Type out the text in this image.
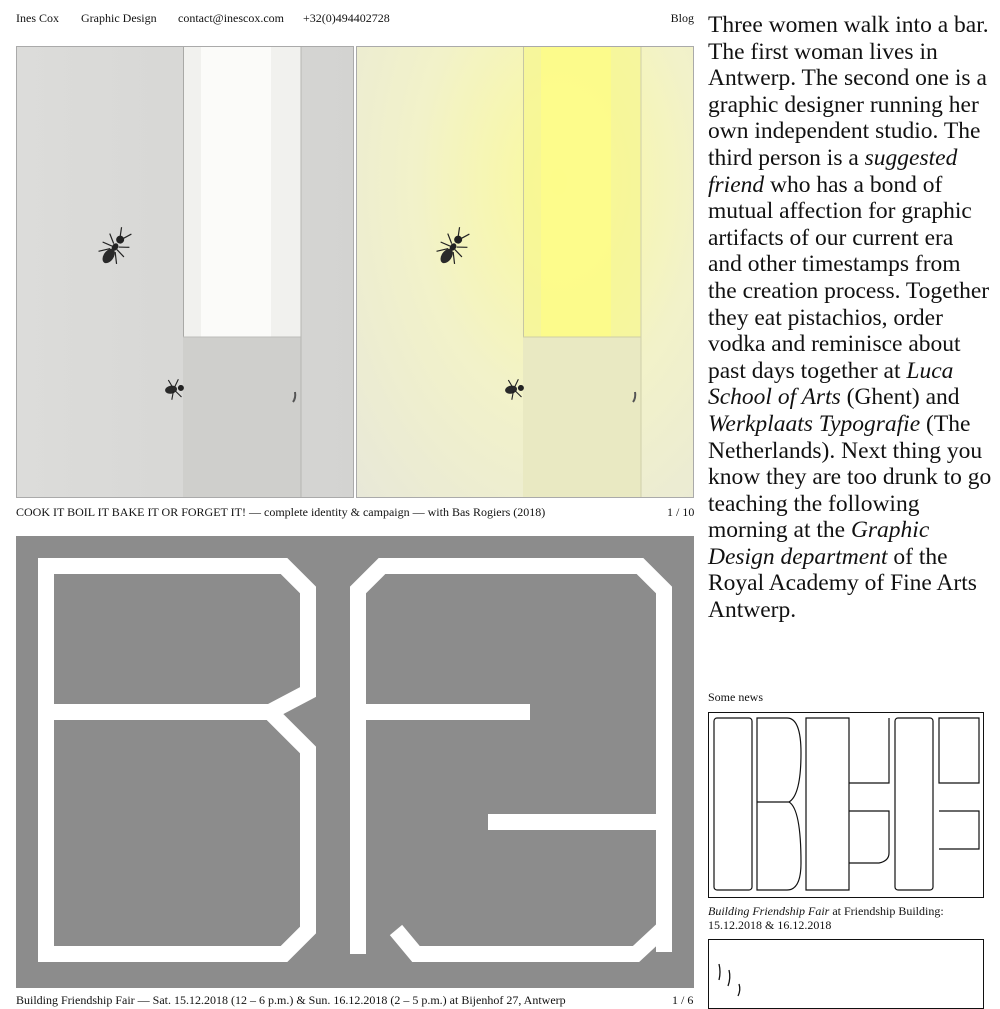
Ines Cox Graphic Design contact@inescox.com +32(0)494402728	Blog
COOK IT BOIL IT BAKE IT OR FORGET IT! — complete identity & campaign — with Bas Rogiers (2018)	1 / 10
Building Friendship Fair — Sat. 15.12.2018 (12 – 6 p.m.) & Sun. 16.12.2018 (2 – 5 p.m.) at Bijenhof 27, Antwerp	1 / 6
Three women walk into a bar. The first woman lives in Antwerp. The second one is a graphic designer running her own independent studio. The third person is a suggested friend who has a bond of mutual affection for graphic artifacts of our current era and other timestamps from the creation process. Together they eat pistachios, order vodka and reminisce about past days together at Luca School of Arts (Ghent) and Werkplaats Typografie (The Netherlands). Next thing you know they are too drunk to go teaching the following morning at the Graphic Design department of the Royal Academy of Fine Arts Antwerp.
Some news
Building Friendship Fair at Friendship Building:
15.12.2018 & 16.12.2018
